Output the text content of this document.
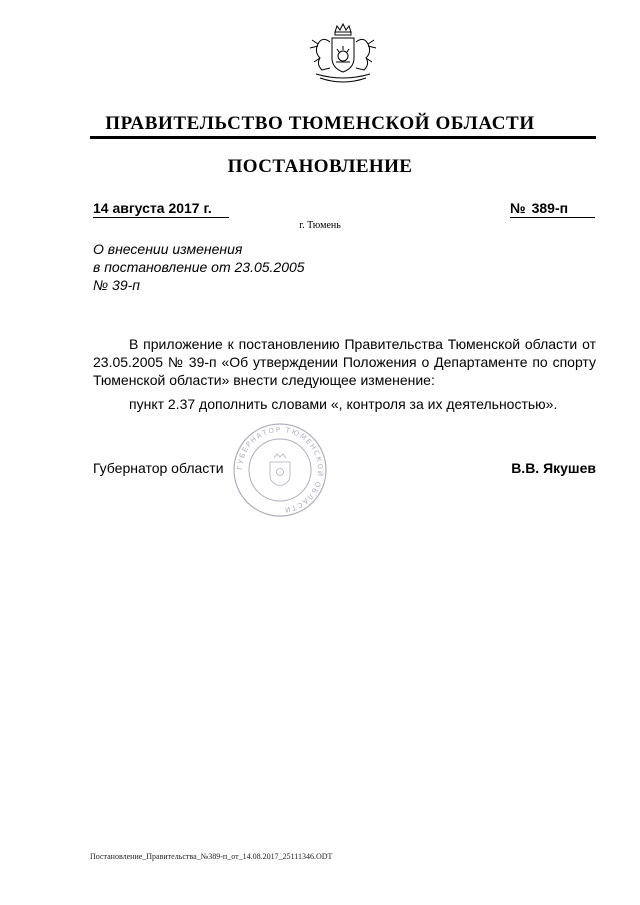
ПРАВИТЕЛЬСТВО ТЮМЕНСКОЙ ОБЛАСТИ
ПОСТАНОВЛЕНИЕ
14 августа 2017 г.	№ 389-п
г. Тюмень
О внесении изменения
в постановление от 23.05.2005
№ 39-п

В приложение к постановлению Правительства Тюменской области от 23.05.2005 № 39-п «Об утверждении Положения о Департаменте по спорту Тюменской области» внести следующее изменение:

пункт 2.37 дополнить словами «, контроля за их деятельностью».

ГУБЕРНАТОР ТЮМЕНСКОЙ ОБЛАСТИ
Губернатор области	В.В. Якушев
Постановление_Правительства_№389-п_от_14.08.2017_25111346.ODT
